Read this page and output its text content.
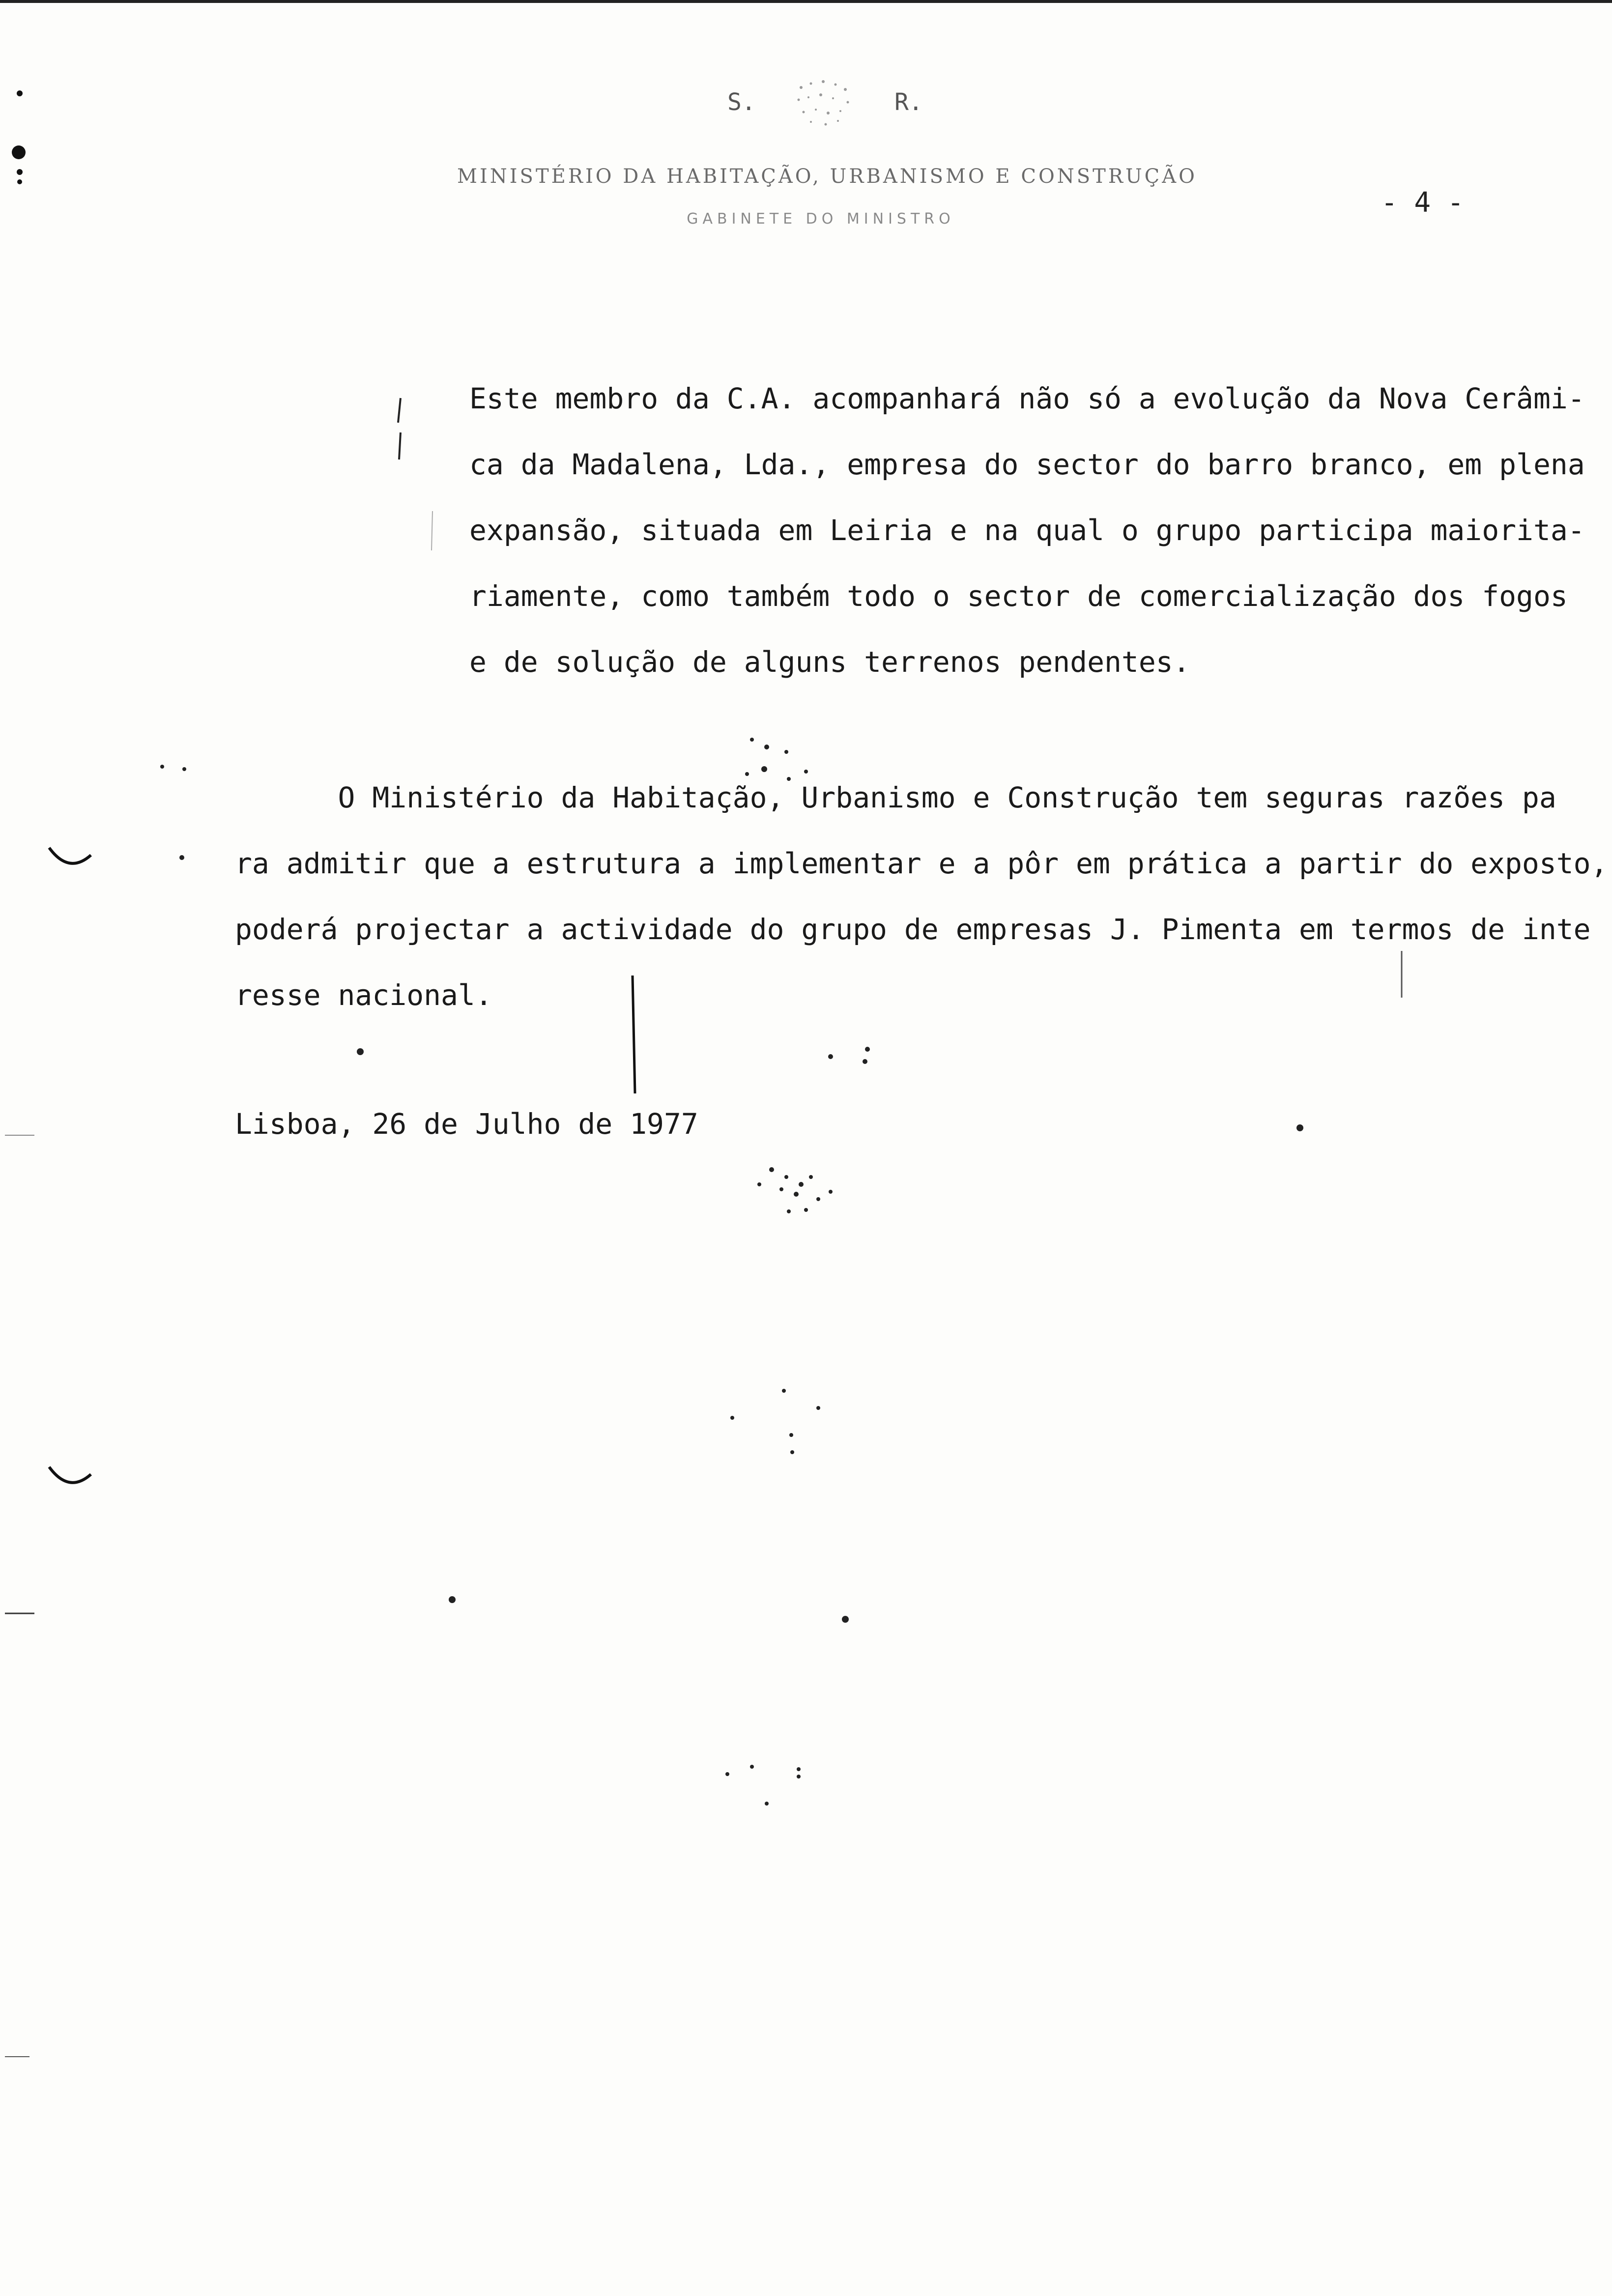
S.	R.
MINISTÉRIO DA HABITAÇÃO, URBANISMO E CONSTRUÇÃO
GABINETE DO MINISTRO
- 4 -
Este membro da C.A. acompanhará não só a evolução da Nova Cerâmi-
ca da Madalena, Lda., empresa do sector do barro branco, em plena
expansão, situada em Leiria e na qual o grupo participa maiorita-
riamente, como também todo o sector de comercialização dos fogos
e de solução de alguns terrenos pendentes.
O Ministério da Habitação, Urbanismo e Construção tem seguras razões pa
ra admitir que a estrutura a implementar e a pôr em prática a partir do exposto,
poderá projectar a actividade do grupo de empresas J. Pimenta em termos de inte
resse nacional.
Lisboa, 26 de Julho de 1977
